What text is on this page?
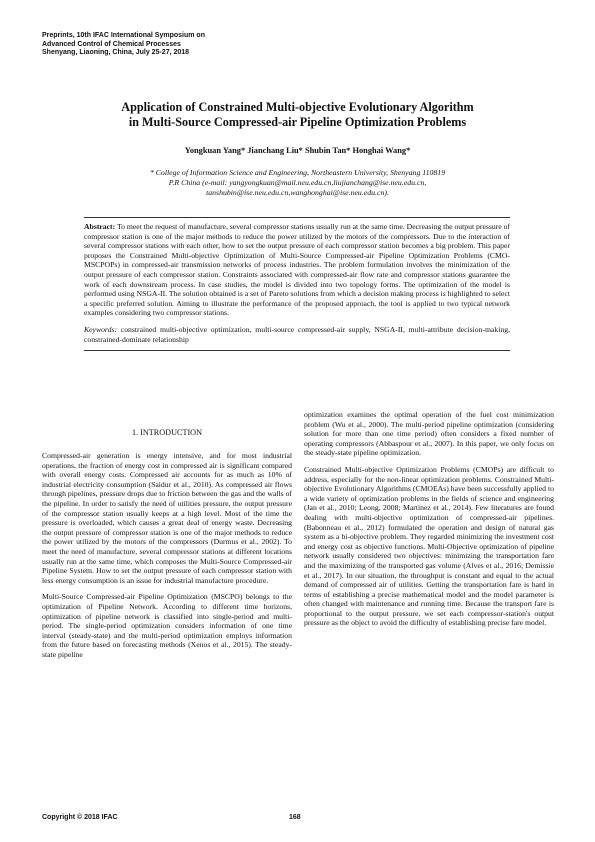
Preprints, 10th IFAC International Symposium on
Advanced Control of Chemical Processes
Shenyang, Liaoning, China, July 25-27, 2018
Application of Constrained Multi-objective Evolutionary Algorithm
in Multi-Source Compressed-air Pipeline Optimization Problems
Yongkuan Yang* Jianchang Liu* Shubin Tan* Honghai Wang*
* College of Information Science and Engineering, Northeastern University, Shenyang 110819
P.R China (e-mail: yangyongkuan@mail.neu.edu.cn,liujianchang@ise.neu.edu.cn,
tanshubin@ise.neu.edu.cn,wanghonghai@ise.neu.edu.cn).
Abstract: To meet the request of manufacture, several compressor stations usually run at the same time. Decreasing the output pressure of compressor station is one of the major methods to reduce the power utilized by the motors of the compressors. Due to the interaction of several compressor stations with each other, how to set the output pressure of each compressor station becomes a big problem. This paper proposes the Constrained Multi-objective Optimization of Multi-Source Compressed-air Pipeline Optimization Problems (CMO-MSCPOPs) in compressed-air transmission networks of process industries. The problem formulation involves the minimization of the output pressure of each compressor station. Constraints associated with compressed-air flow rate and compressor stations guarantee the work of each downstream process. In case studies, the model is divided into two topology forms. The optimization of the model is performed using NSGA-II. The solution obtained is a set of Pareto solutions from which a decision making process is highlighted to select a specific preferred solution. Aiming to illustrate the performance of the proposed approach, the tool is applied to two typical network examples considering two compressor stations.
Keywords: constrained multi-objective optimization, multi-source compressed-air supply, NSGA-II, multi-attribute decision-making, constrained-dominate relationship
1. INTRODUCTION

Compressed-air generation is energy intensive, and for most industrial operations, the fraction of energy cost in compressed air is significant compared with overall energy costs. Compressed air accounts for as much as 10% of industrial electricity consumption (Saidur et al., 2010). As compressed air flows through pipelines, pressure drops due to friction between the gas and the walls of the pipeline. In order to satisfy the need of utilities pressure, the output pressure of the compressor station usually keeps at a high level. Most of the time the pressure is overloaded, which causes a great deal of energy waste. Decreasing the output pressure of compressor station is one of the major methods to reduce the power utilized by the motors of the compressors (Durmus et al., 2002). To meet the need of manufacture, several compressor stations at different locations usually run at the same time, which composes the Multi-Source Compressed-air Pipeline System. How to set the output pressure of each compressor station with less energy consumption is an issue for industrial manufacture procedure.

Multi-Source Compressed-air Pipeline Optimization (MSCPO) belongs to the optimization of Pipeline Network. According to different time horizons, optimization of pipeline network is classified into single-period and multi-period. The single-period optimization considers information of one time interval (steady-state) and the multi-period optimization employs information from the future based on forecasting methods (Xenos et al., 2015). The steady-state pipeline

optimization examines the optimal operation of the fuel cost minimization problem (Wu et al., 2000). The multi-period pipeline optimization (considering solution for more than one time period) often considers a fixed number of operating compressors (Abbaspour et al., 2007). In this paper, we only focus on the steady-state pipeline optimization.

Constrained Multi-objective Optimization Problems (CMOPs) are difficult to address, especially for the non-linear optimization problems. Constrained Multi-objective Evolutionary Algorithms (CMOEAs) have been successfully applied to a wide variety of optimization problems in the fields of science and engineering (Jan et al., 2010; Leong, 2008; Martinez et al., 2014). Few literatures are found dealing with multi-objective optimization of compressed-air pipelines. (Babonneau et al., 2012) formulated the operation and design of natural gas system as a bi-objective problem. They regarded minimizing the investment cost and energy cost as objective functions. Multi-Objective optimization of pipeline network usually considered two objectives: minimizing the transportation fare and the maximizing of the transported gas volume (Alves et al., 2016; Demissie et al., 2017). In our situation, the throughput is constant and equal to the actual demand of compressed air of utilities. Getting the transportation fare is hard in terms of establishing a precise mathematical model and the model parameter is often changed with maintenance and running time. Because the transport fare is proportional to the output pressure, we set each compressor-station's output pressure as the object to avoid the difficulty of establishing precise fare model.

Copyright © 2018 IFAC	168
